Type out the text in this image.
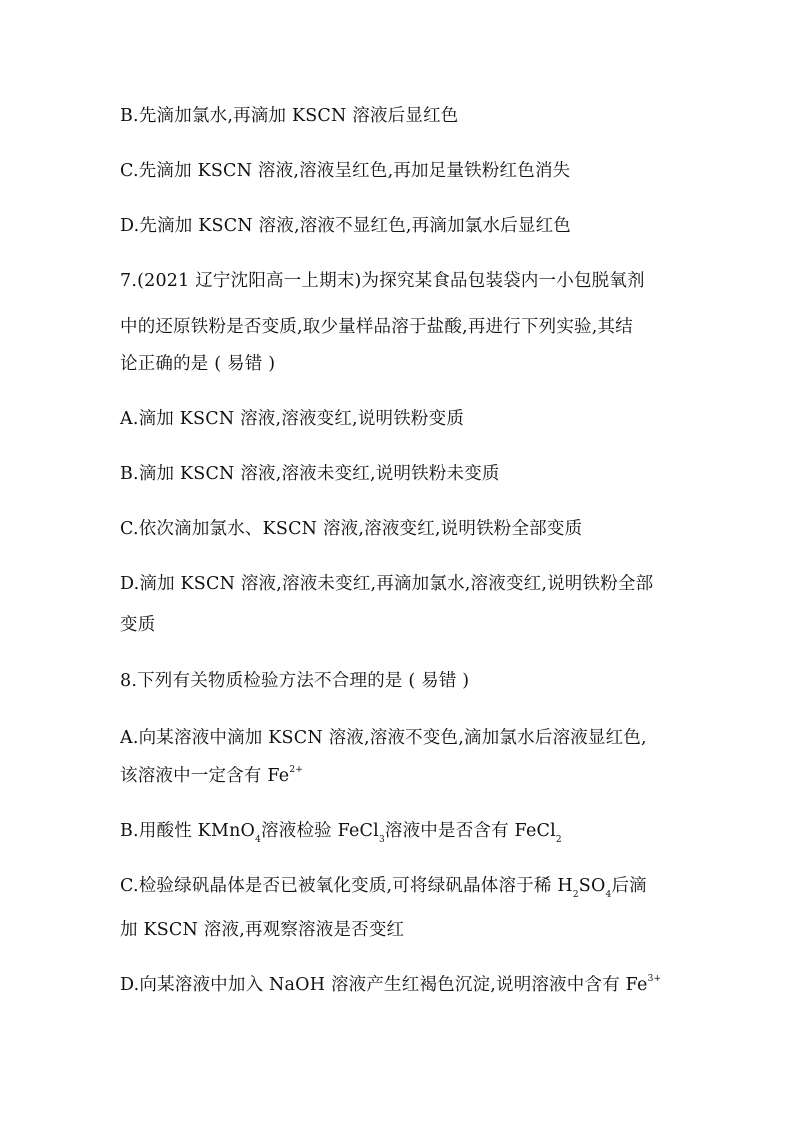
B.先滴加氯水,再滴加 KSCN 溶液后显红色
C.先滴加 KSCN 溶液,溶液呈红色,再加足量铁粉红色消失
D.先滴加 KSCN 溶液,溶液不显红色,再滴加氯水后显红色
7.(2021 辽宁沈阳高一上期末)为探究某食品包装袋内一小包脱氧剂
中的还原铁粉是否变质,取少量样品溶于盐酸,再进行下列实验,其结
论正确的是 ( 易错 )
A.滴加 KSCN 溶液,溶液变红,说明铁粉变质
B.滴加 KSCN 溶液,溶液未变红,说明铁粉未变质
C.依次滴加氯水、KSCN 溶液,溶液变红,说明铁粉全部变质
D.滴加 KSCN 溶液,溶液未变红,再滴加氯水,溶液变红,说明铁粉全部
变质
8.下列有关物质检验方法不合理的是 ( 易错 )
A.向某溶液中滴加 KSCN 溶液,溶液不变色,滴加氯水后溶液显红色,
该溶液中一定含有 $Fe^{2+}$
B.用酸性 KMnO$_4$溶液检验 FeCl$_3$溶液中是否含有 FeCl$_2$
C.检验绿矾晶体是否已被氧化变质,可将绿矾晶体溶于稀 $H_2SO_4$后滴
加 KSCN 溶液,再观察溶液是否变红
D.向某溶液中加入 NaOH 溶液产生红褐色沉淀,说明溶液中含有 $Fe^{3+}$
